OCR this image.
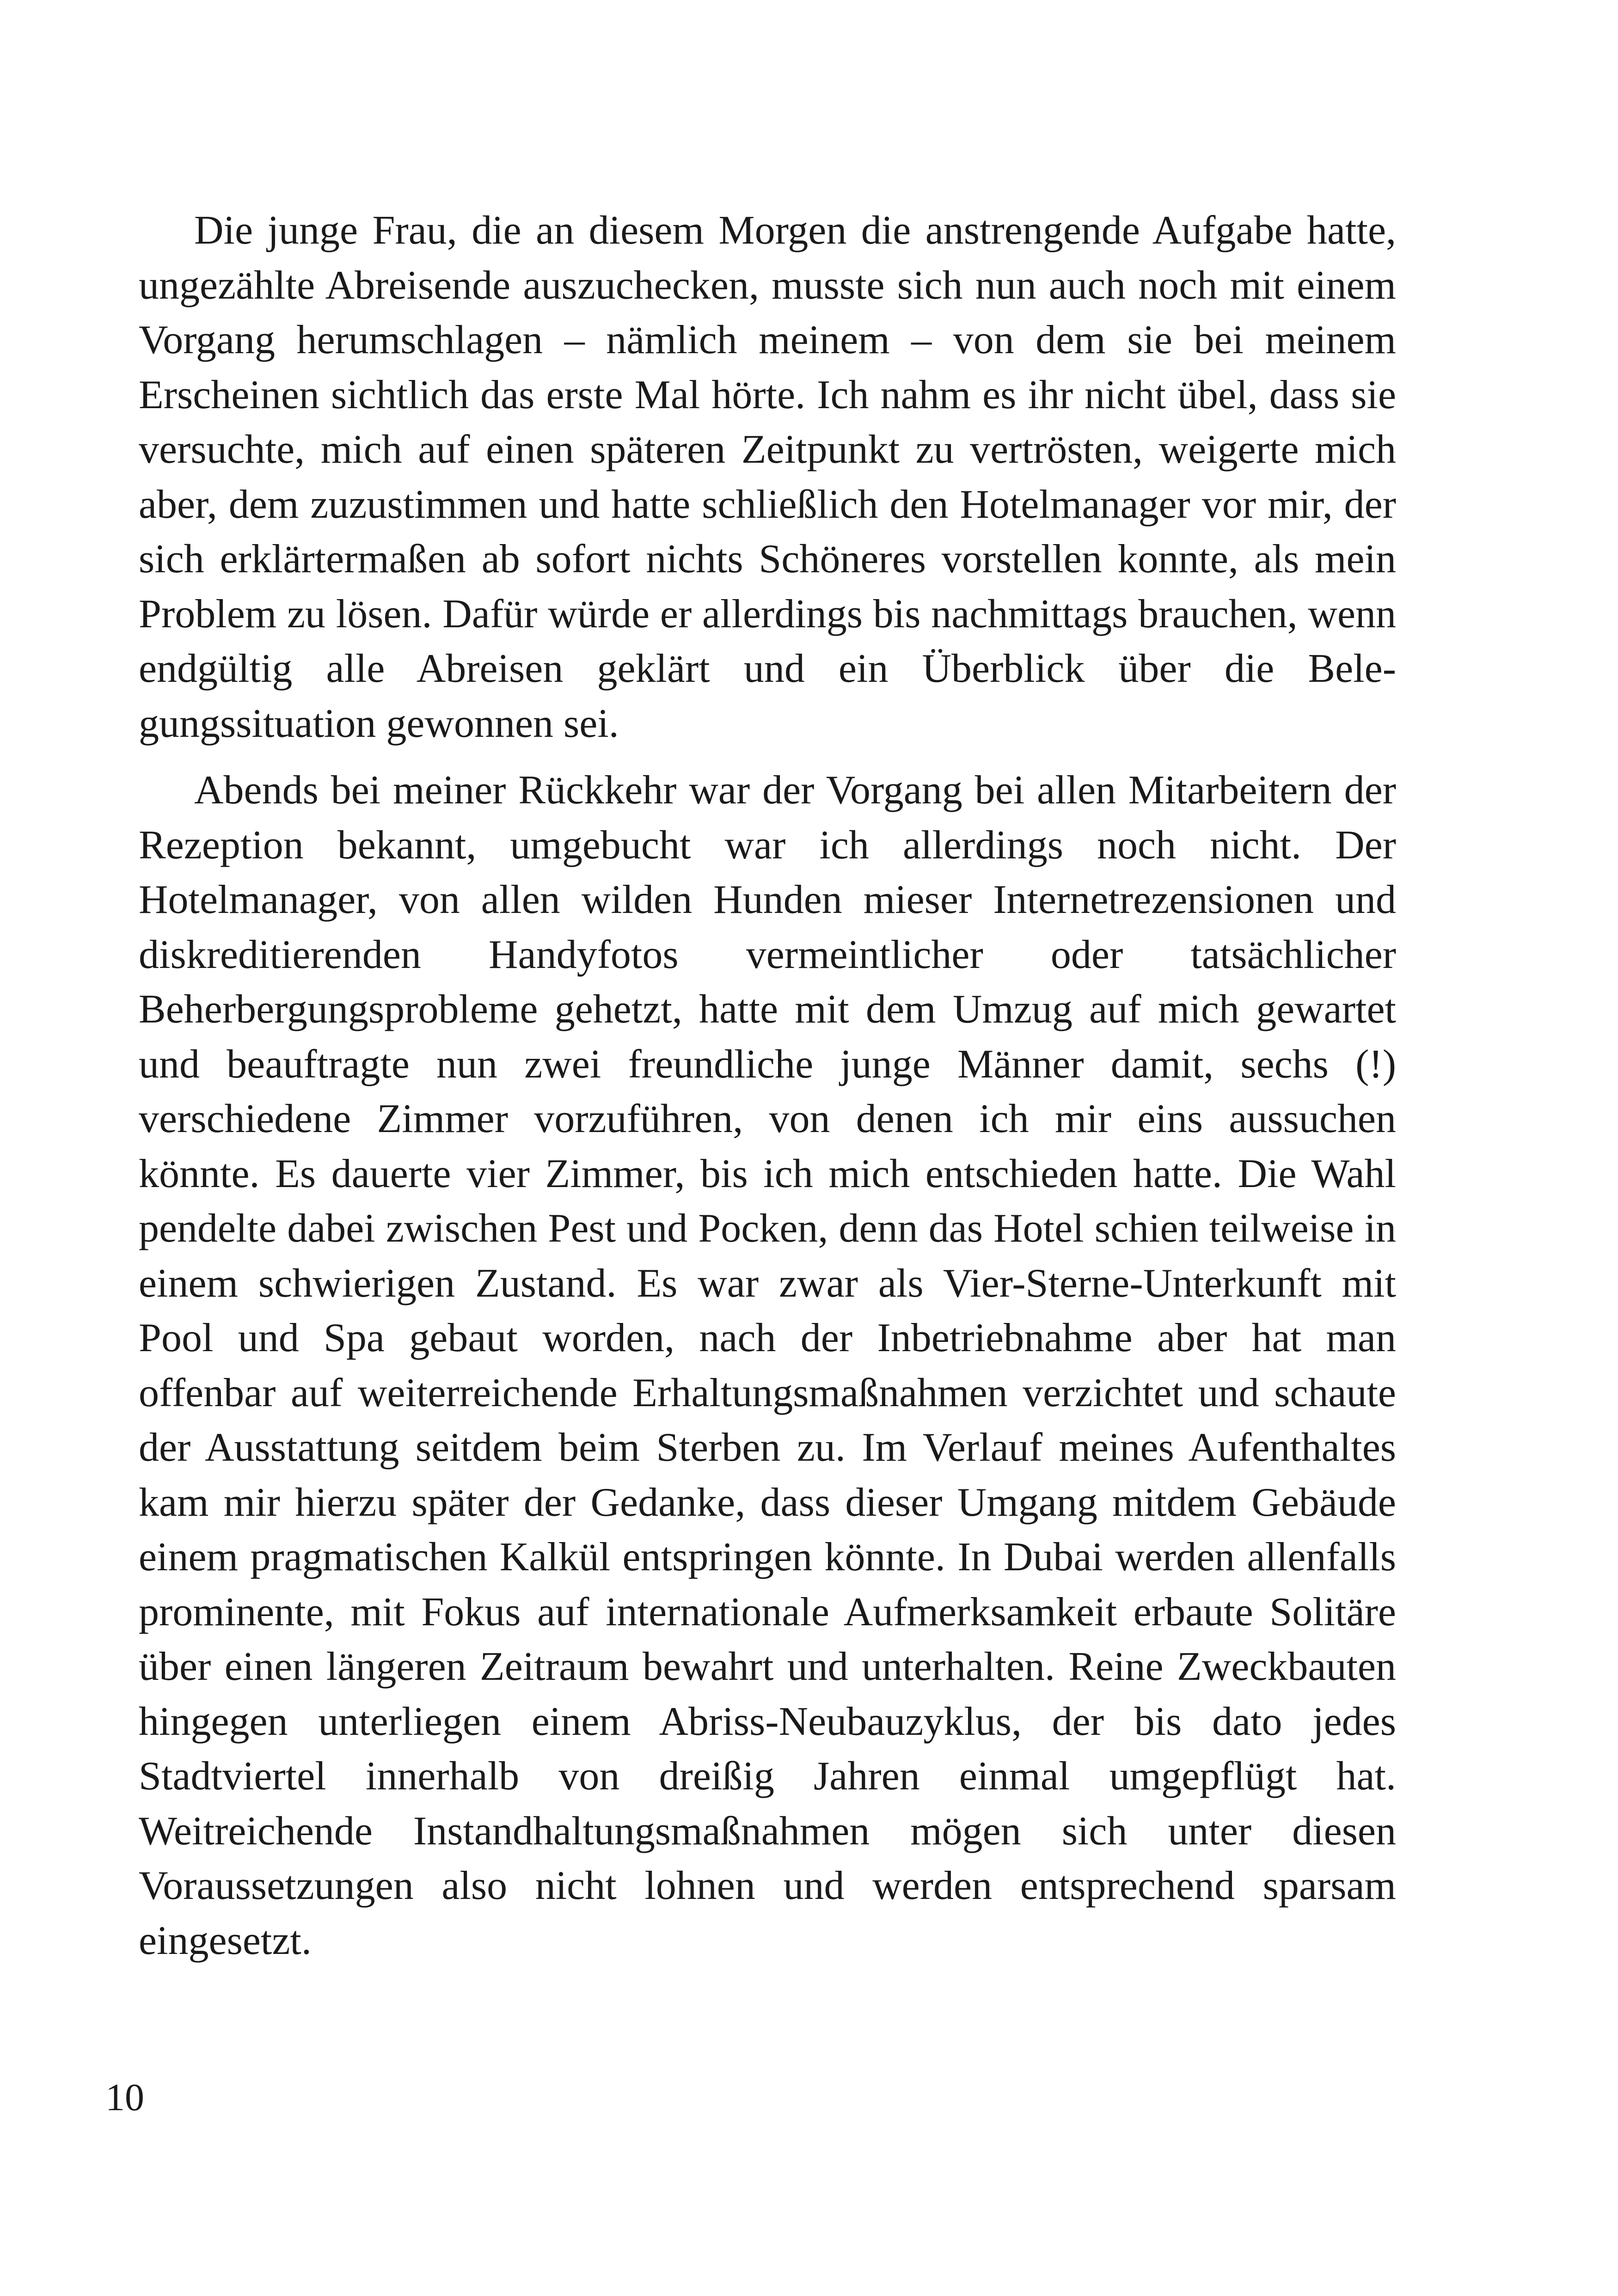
Die junge Frau, die an diesem Morgen die anstrengende Aufgabe hatte, ungezählte Abreisende auszuchecken, musste sich nun auch noch mit einem Vorgang herumschlagen – nämlich meinem – von dem sie bei meinem Erscheinen sichtlich das erste Mal hörte. Ich nahm es ihr nicht übel, dass sie versuchte, mich auf einen späteren Zeitpunkt zu vertrösten, weigerte mich aber, dem zuzustimmen und hatte schließlich den Hotelmanager vor mir, der sich erklärtermaßen ab sofort nichts Schöneres vorstellen konnte, als mein Problem zu lösen. Dafür würde er allerdings bis nachmittags brauchen, wenn endgültig alle Abreisen geklärt und ein Überblick über die Belegungssituation gewonnen sei.

Abends bei meiner Rückkehr war der Vorgang bei allen Mitarbeitern der Rezeption bekannt, umgebucht war ich allerdings noch nicht. Der Hotelmanager, von allen wilden Hunden mieser Internetrezensionen und diskreditierenden Handyfotos vermeintlicher oder tatsächlicher Beherbergungsprobleme gehetzt, hatte mit dem Umzug auf mich gewartet und beauftragte nun zwei freundliche junge Männer damit, sechs (!) verschiedene Zimmer vorzuführen, von denen ich mir eins aussuchen könnte. Es dauerte vier Zimmer, bis ich mich entschieden hatte. Die Wahl pendelte dabei zwischen Pest und Pocken, denn das Hotel schien teilweise in einem schwierigen Zustand. Es war zwar als Vier-Sterne-Unterkunft mit Pool und Spa gebaut worden, nach der Inbetriebnahme aber hat man offenbar auf weiterreichende Erhaltungsmaßnahmen verzichtet und schaute der Ausstattung seitdem beim Sterben zu. Im Verlauf meines Aufenthaltes kam mir hierzu später der Gedanke, dass dieser Umgang mitdem Gebäude einem pragmatischen Kalkül entspringen könnte. In Dubai werden allenfalls prominente, mit Fokus auf internationale Aufmerksamkeit erbaute Solitäre über einen längeren Zeitraum bewahrt und unterhalten. Reine Zweckbauten hingegen unterliegen einem Abriss-Neubauzyklus, der bis dato jedes Stadtviertel innerhalb von dreißig Jahren einmal umgepflügt hat. Weitreichende Instandhaltungsmaßnahmen mögen sich unter diesen Voraussetzungen also nicht lohnen und werden entsprechend sparsam eingesetzt.

10
